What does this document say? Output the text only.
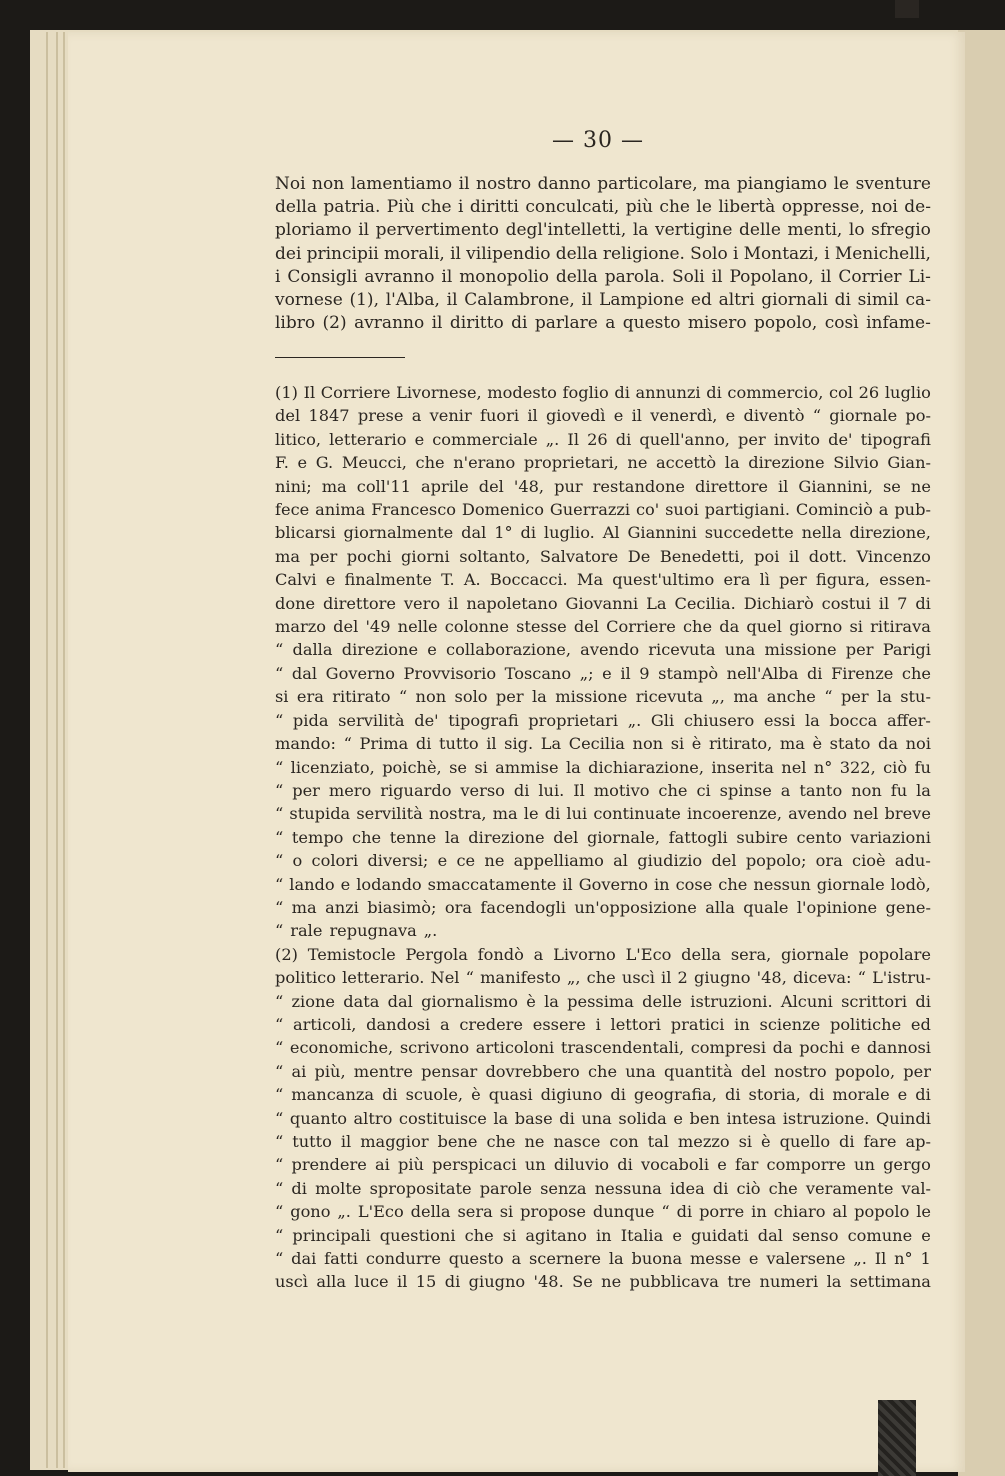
— 30 —
Noi non lamentiamo il nostro danno particolare, ma piangiamo le sventure
della patria. Più che i diritti conculcati, più che le libertà oppresse, noi de-
ploriamo il pervertimento degl'intelletti, la vertigine delle menti, lo sfregio
dei principii morali, il vilipendio della religione. Solo i Montazi, i Menichelli,
i Consigli avranno il monopolio della parola. Soli il Popolano, il Corrier Li-
vornese (1), l'Alba, il Calambrone, il Lampione ed altri giornali di simil ca-
libro (2) avranno il diritto di parlare a questo misero popolo, così infame-
(1) Il Corriere Livornese, modesto foglio di annunzi di commercio, col 26 luglio
del 1847 prese a venir fuori il giovedì e il venerdì, e diventò “ giornale po-
litico, letterario e commerciale „. Il 26 di quell'anno, per invito de' tipografi
F. e G. Meucci, che n'erano proprietari, ne accettò la direzione Silvio Gian-
nini; ma coll'11 aprile del '48, pur restandone direttore il Giannini, se ne
fece anima Francesco Domenico Guerrazzi co' suoi partigiani. Cominciò a pub-
blicarsi giornalmente dal 1° di luglio. Al Giannini succedette nella direzione,
ma per pochi giorni soltanto, Salvatore De Benedetti, poi il dott. Vincenzo
Calvi e finalmente T. A. Boccacci. Ma quest'ultimo era lì per figura, essen-
done direttore vero il napoletano Giovanni La Cecilia. Dichiarò costui il 7 di
marzo del '49 nelle colonne stesse del Corriere che da quel giorno si ritirava
“ dalla direzione e collaborazione, avendo ricevuta una missione per Parigi
“ dal Governo Provvisorio Toscano „; e il 9 stampò nell'Alba di Firenze che
si era ritirato “ non solo per la missione ricevuta „, ma anche “ per la stu-
“ pida servilità de' tipografi proprietari „. Gli chiusero essi la bocca affer-
mando: “ Prima di tutto il sig. La Cecilia non si è ritirato, ma è stato da noi
“ licenziato, poichè, se si ammise la dichiarazione, inserita nel n° 322, ciò fu
“ per mero riguardo verso di lui. Il motivo che ci spinse a tanto non fu la
“ stupida servilità nostra, ma le di lui continuate incoerenze, avendo nel breve
“ tempo che tenne la direzione del giornale, fattogli subire cento variazioni
“ o colori diversi; e ce ne appelliamo al giudizio del popolo; ora cioè adu-
“ lando e lodando smaccatamente il Governo in cose che nessun giornale lodò,
“ ma anzi biasimò; ora facendogli un'opposizione alla quale l'opinione gene-
“ rale repugnava „.
(2) Temistocle Pergola fondò a Livorno L'Eco della sera, giornale popolare
politico letterario. Nel “ manifesto „, che uscì il 2 giugno '48, diceva: “ L'istru-
“ zione data dal giornalismo è la pessima delle istruzioni. Alcuni scrittori di
“ articoli, dandosi a credere essere i lettori pratici in scienze politiche ed
“ economiche, scrivono articoloni trascendentali, compresi da pochi e dannosi
“ ai più, mentre pensar dovrebbero che una quantità del nostro popolo, per
“ mancanza di scuole, è quasi digiuno di geografia, di storia, di morale e di
“ quanto altro costituisce la base di una solida e ben intesa istruzione. Quindi
“ tutto il maggior bene che ne nasce con tal mezzo si è quello di fare ap-
“ prendere ai più perspicaci un diluvio di vocaboli e far comporre un gergo
“ di molte spropositate parole senza nessuna idea di ciò che veramente val-
“ gono „. L'Eco della sera si propose dunque “ di porre in chiaro al popolo le
“ principali questioni che si agitano in Italia e guidati dal senso comune e
“ dai fatti condurre questo a scernere la buona messe e valersene „. Il n° 1
uscì alla luce il 15 di giugno '48. Se ne pubblicava tre numeri la settimana
